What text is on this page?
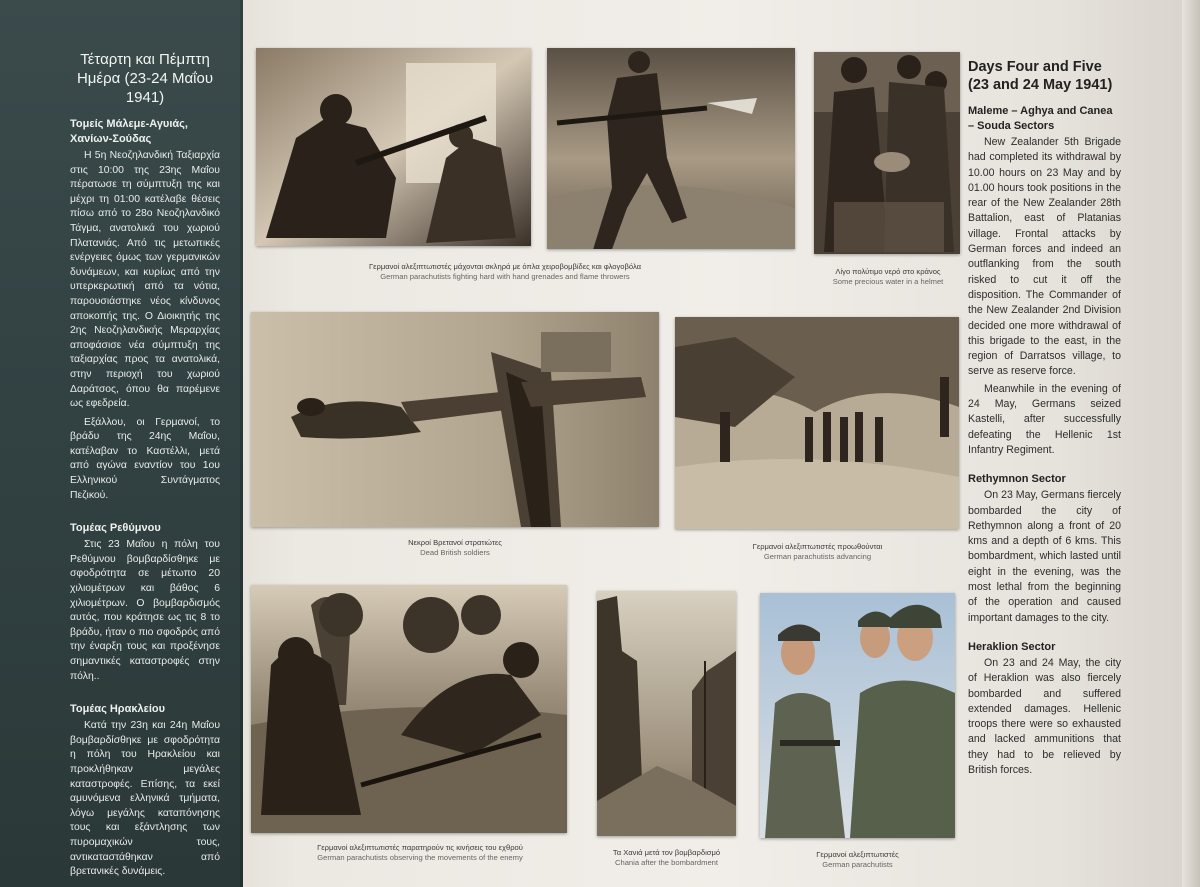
Τέταρτη και Πέμπτη Ημέρα (23-24 Μαΐου 1941)
Τομείς Μάλεμε-Αγυιάς, Χανίων-Σούδας

Η 5η Νεοζηλανδική Ταξιαρχία στις 10:00 της 23ης Μαΐου πέρατωσε τη σύμπτυξη της και μέχρι τη 01:00 κατέλαβε θέσεις πίσω από το 28ο Νεοζηλανδικό Τάγμα, ανατολικά του χωριού Πλατανιάς. Από τις μετωπικές ενέργειες όμως των γερμανικών δυνάμεων, και κυρίως από την υπερκερωτική από τα νότια, παρουσιάστηκε νέος κίνδυνος αποκοπής της. Ο Διοικητής της 2ης Νεοζηλανδικής Μεραρχίας αποφάσισε νέα σύμπτυξη της ταξιαρχίας προς τα ανατολικά, στην περιοχή του χωριού Δαράτσος, όπου θα παρέμενε ως εφεδρεία.

Εξάλλου, οι Γερμανοί, το βράδυ της 24ης Μαΐου, κατέλαβαν το Καστέλλι, μετά από αγώνα εναντίον του 1ου Ελληνικού Συντάγματος Πεζικού.

Τομέας Ρεθύμνου

Στις 23 Μαΐου η πόλη του Ρεθύμνου βομβαρδίσθηκε με σφοδρότητα σε μέτωπο 20 χιλιομέτρων και βάθος 6 χιλιομέτρων. Ο βομβαρδισμός αυτός, που κράτησε ως τις 8 το βράδυ, ήταν ο πιο σφοδρός από την έναρξη τους και προξένησε σημαντικές καταστροφές στην πόλη..

Τομέας Ηρακλείου

Κατά την 23η και 24η Μαΐου βομβαρδίσθηκε με σφοδρότητα η πόλη του Ηρακλείου και προκλήθηκαν μεγάλες καταστροφές. Επίσης, τα εκεί αμυνόμενα ελληνικά τμήματα, λόγω μεγάλης καταπόνησης τους και εξάντλησης των πυρομαχικών τους, αντικαταστάθηκαν από βρετανικές δυνάμεις.

Γερμανοί αλεξιπτωτιστές μάχονται σκληρά με όπλα χειροβομβίδες και φλογοβόλα
German parachutists fighting hard with hand grenades and flame throwers
Λίγο πολύτιμο νερό στο κράνος
Some precious water in a helmet
Νεκροί Βρετανοί στρατιώτες
Dead British soldiers
Γερμανοί αλεξιπτωτιστές προωθούνται
German parachutists advancing
Γερμανοί αλεξιπτωτιστές παρατηρούν τις κινήσεις του εχθρού
German parachutists observing the movements of the enemy
Τα Χανιά μετά τον βομβαρδισμό
Chania after the bombardment
Γερμανοί αλεξιπτωτιστές
German parachutists
Days Four and Five (23 and 24 May 1941)
Maleme – Aghya and Canea – Souda Sectors

New Zealander 5th Brigade had completed its withdrawal by 10.00 hours on 23 May and by 01.00 hours took positions in the rear of the New Zealander 28th Battalion, east of Platanias village. Frontal attacks by German forces and indeed an outflanking from the south risked to cut it off the disposition. The Commander of the New Zealander 2nd Division decided one more withdrawal of this brigade to the east, in the region of Darratsos village, to serve as reserve force.

Meanwhile in the evening of 24 May, Germans seized Kastelli, after successfully defeating the Hellenic 1st Infantry Regiment.

Rethymnon Sector

On 23 May, Germans fiercely bombarded the city of Rethymnon along a front of 20 kms and a depth of 6 kms. This bombardment, which lasted until eight in the evening, was the most lethal from the beginning of the operation and caused important damages to the city.

Heraklion Sector

On 23 and 24 May, the city of Heraklion was also fiercely bombarded and suffered extended damages. Hellenic troops there were so exhausted and lacked ammunitions that they had to be relieved by British forces.
